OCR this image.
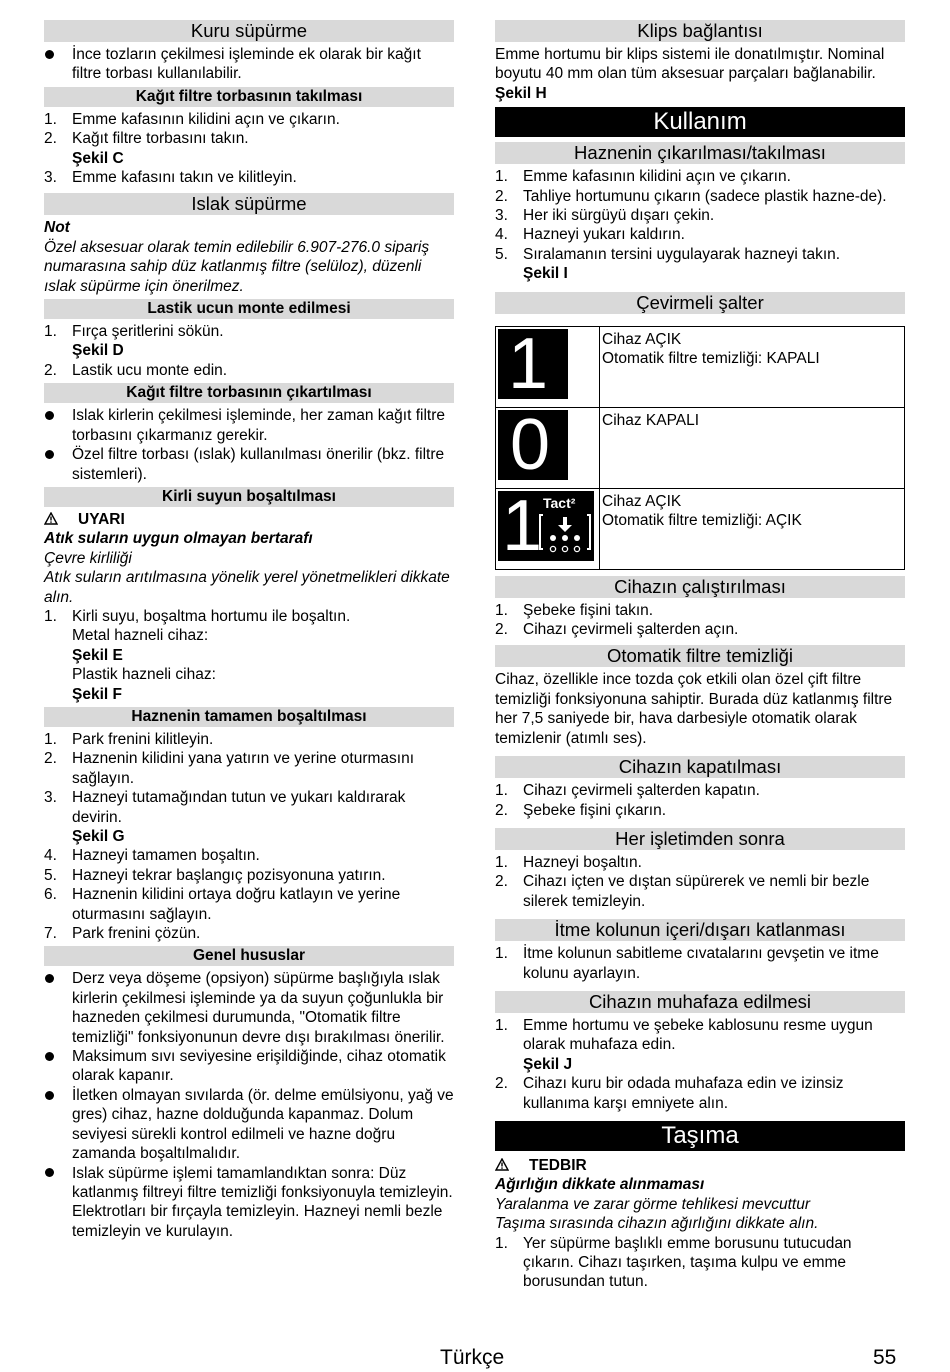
Kuru süpürme
İnce tozların çekilmesi işleminde ek olarak bir kağıt filtre torbası kullanılabilir.
Kağıt filtre torbasının takılması
1. Emme kafasının kilidini açın ve çıkarın.
2. Kağıt filtre torbasını takın.
Şekil C
3. Emme kafasını takın ve kilitleyin.
Islak süpürme

Not

Özel aksesuar olarak temin edilebilir 6.907-276.0 sipariş numarasına sahip düz katlanmış filtre (selüloz), düzenli ıslak süpürme için önerilmez.

Lastik ucun monte edilmesi
1. Fırça şeritlerini sökün.
Şekil D
2. Lastik ucu monte edin.
Kağıt filtre torbasının çıkartılması
Islak kirlerin çekilmesi işleminde, her zaman kağıt filtre torbasını çıkarmanız gerekir.
Özel filtre torbası (ıslak) kullanılması önerilir (bkz. filtre sistemleri).
Kirli suyun boşaltılması
UYARI

Atık suların uygun olmayan bertarafı

Çevre kirliliği

Atık suların arıtılmasına yönelik yerel yönetmelikleri dikkate alın.

1. Kirli suyu, boşaltma hortumu ile boşaltın.
Metal hazneli cihaz:
Şekil E
Plastik hazneli cihaz:
Şekil F
Haznenin tamamen boşaltılması
1. Park frenini kilitleyin.
2. Haznenin kilidini yana yatırın ve yerine oturmasını sağlayın.
3. Hazneyi tutamağından tutun ve yukarı kaldırarak devirin.
Şekil G
4. Hazneyi tamamen boşaltın.
5. Hazneyi tekrar başlangıç pozisyonuna yatırın.
6. Haznenin kilidini ortaya doğru katlayın ve yerine oturmasını sağlayın.
7. Park frenini çözün.
Genel hususlar
Derz veya döşeme (opsiyon) süpürme başlığıyla ıslak kirlerin çekilmesi işleminde ya da suyun çoğunlukla bir hazneden çekilmesi durumunda, "Otomatik filtre temizliği" fonksiyonunun devre dışı bırakılması önerilir.
Maksimum sıvı seviyesine erişildiğinde, cihaz otomatik olarak kapanır.
İletken olmayan sıvılarda (ör. delme emülsiyonu, yağ ve gres) cihaz, hazne dolduğunda kapanmaz. Dolum seviyesi sürekli kontrol edilmeli ve hazne doğru zamanda boşaltılmalıdır.
Islak süpürme işlemi tamamlandıktan sonra: Düz katlanmış filtreyi filtre temizliği fonksiyonuyla temizleyin. Elektrotları bir fırçayla temizleyin. Hazneyi nemli bezle temizleyin ve kurulayın.
Klips bağlantısı

Emme hortumu bir klips sistemi ile donatılmıştır. Nominal boyutu 40 mm olan tüm aksesuar parçaları bağlanabilir.

Şekil H

Kullanım
Haznenin çıkarılması/takılması
1. Emme kafasının kilidini açın ve çıkarın.
2. Tahliye hortumunu çıkarın (sadece plastik hazne-de).
3. Her iki sürgüyü dışarı çekin.
4. Hazneyi yukarı kaldırın.
5. Sıralamanın tersini uygulayarak hazneyi takın.
Şekil I
Çevirmeli şalter
1	Cihaz AÇIK
Otomatik filtre temizliği: KAPALI

0	Cihaz KAPALI

1 Tact²	Cihaz AÇIK
Otomatik filtre temizliği: AÇIK
Cihazın çalıştırılması
1. Şebeke fişini takın.
2. Cihazı çevirmeli şalterden açın.
Otomatik filtre temizliği

Cihaz, özellikle ince tozda çok etkili olan özel çift filtre temizliği fonksiyonuna sahiptir. Burada düz katlanmış filtre her 7,5 saniyede bir, hava darbesiyle otomatik olarak temizlenir (atımlı ses).

Cihazın kapatılması
1. Cihazı çevirmeli şalterden kapatın.
2. Şebeke fişini çıkarın.
Her işletimden sonra
1. Hazneyi boşaltın.
2. Cihazı içten ve dıştan süpürerek ve nemli bir bezle silerek temizleyin.
İtme kolunun içeri/dışarı katlanması
1. İtme kolunun sabitleme cıvatalarını gevşetin ve itme kolunu ayarlayın.
Cihazın muhafaza edilmesi
1. Emme hortumu ve şebeke kablosunu resme uygun olarak muhafaza edin.
Şekil J
2. Cihazı kuru bir odada muhafaza edin ve izinsiz kullanıma karşı emniyete alın.
Taşıma
TEDBIR

Ağırlığın dikkate alınmaması

Yaralanma ve zarar görme tehlikesi mevcuttur

Taşıma sırasında cihazın ağırlığını dikkate alın.

1. Yer süpürme başlıklı emme borusunu tutucudan çıkarın. Cihazı taşırken, taşıma kulpu ve emme borusundan tutun.
Türkçe	55
